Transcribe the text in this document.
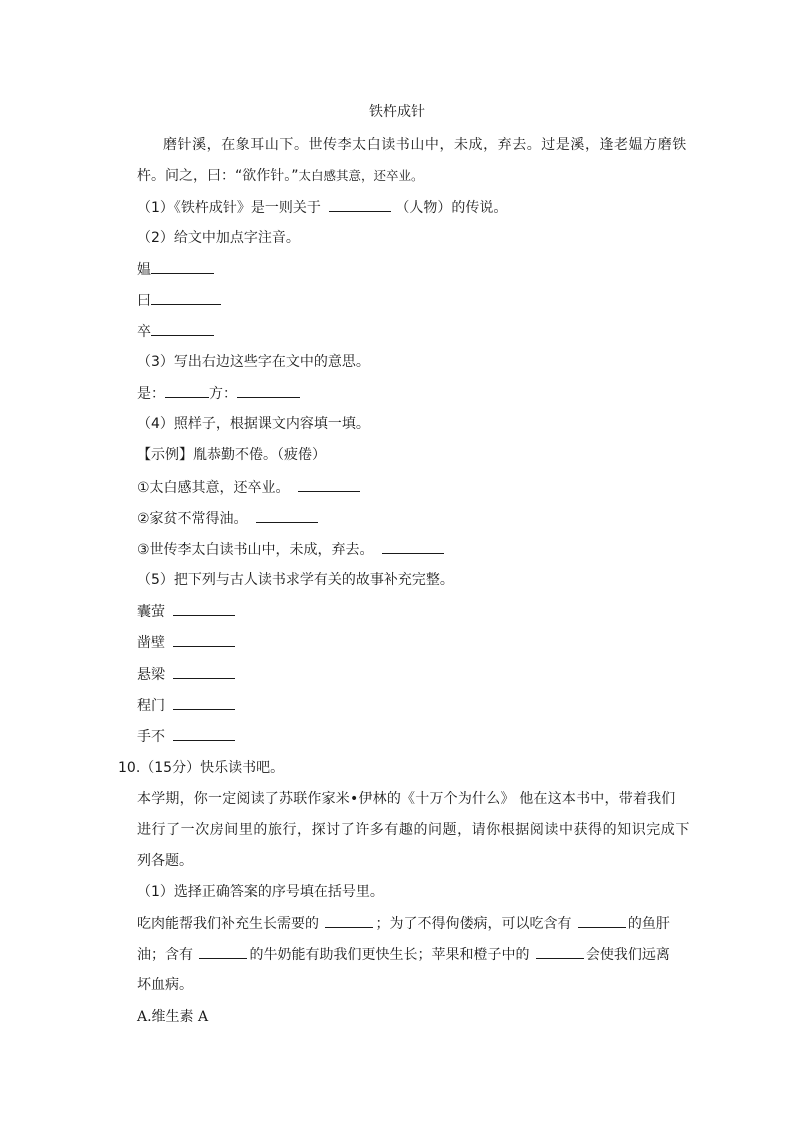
铁杵成针
磨针溪，在象耳山下。世传李太白读书山中，未成，弃去。过是溪，逢老媪方磨铁
杵。问之，曰：“欲作针。”太白感其意，还卒业。
（1）《铁杵成针》是一则关于	（人物）的传说。
（2）给文中加点字注音。
媪
曰
卒
（3）写出右边这些字在文中的意思。
是：	方：
（4）照样子，根据课文内容填一填。
【示例】胤恭勤不倦。（疲倦）
①太白感其意，还卒业。
②家贫不常得油。
③世传李太白读书山中，未成，弃去。
（5）把下列与古人读书求学有关的故事补充完整。
囊萤
凿壁
悬梁
程门
手不
10.（15分）快乐读书吧。
本学期，你一定阅读了苏联作家米•伊林的《十万个为什么》 他在这本书中，带着我们
进行了一次房间里的旅行，探讨了许多有趣的问题，请你根据阅读中获得的知识完成下
列各题。
（1）选择正确答案的序号填在括号里。
吃肉能帮我们补充生长需要的	；为了不得佝偻病，可以吃含有	的鱼肝
油；含有	的牛奶能有助我们更快生长；苹果和橙子中的	会使我们远离
坏血病。
A.维生素 A
